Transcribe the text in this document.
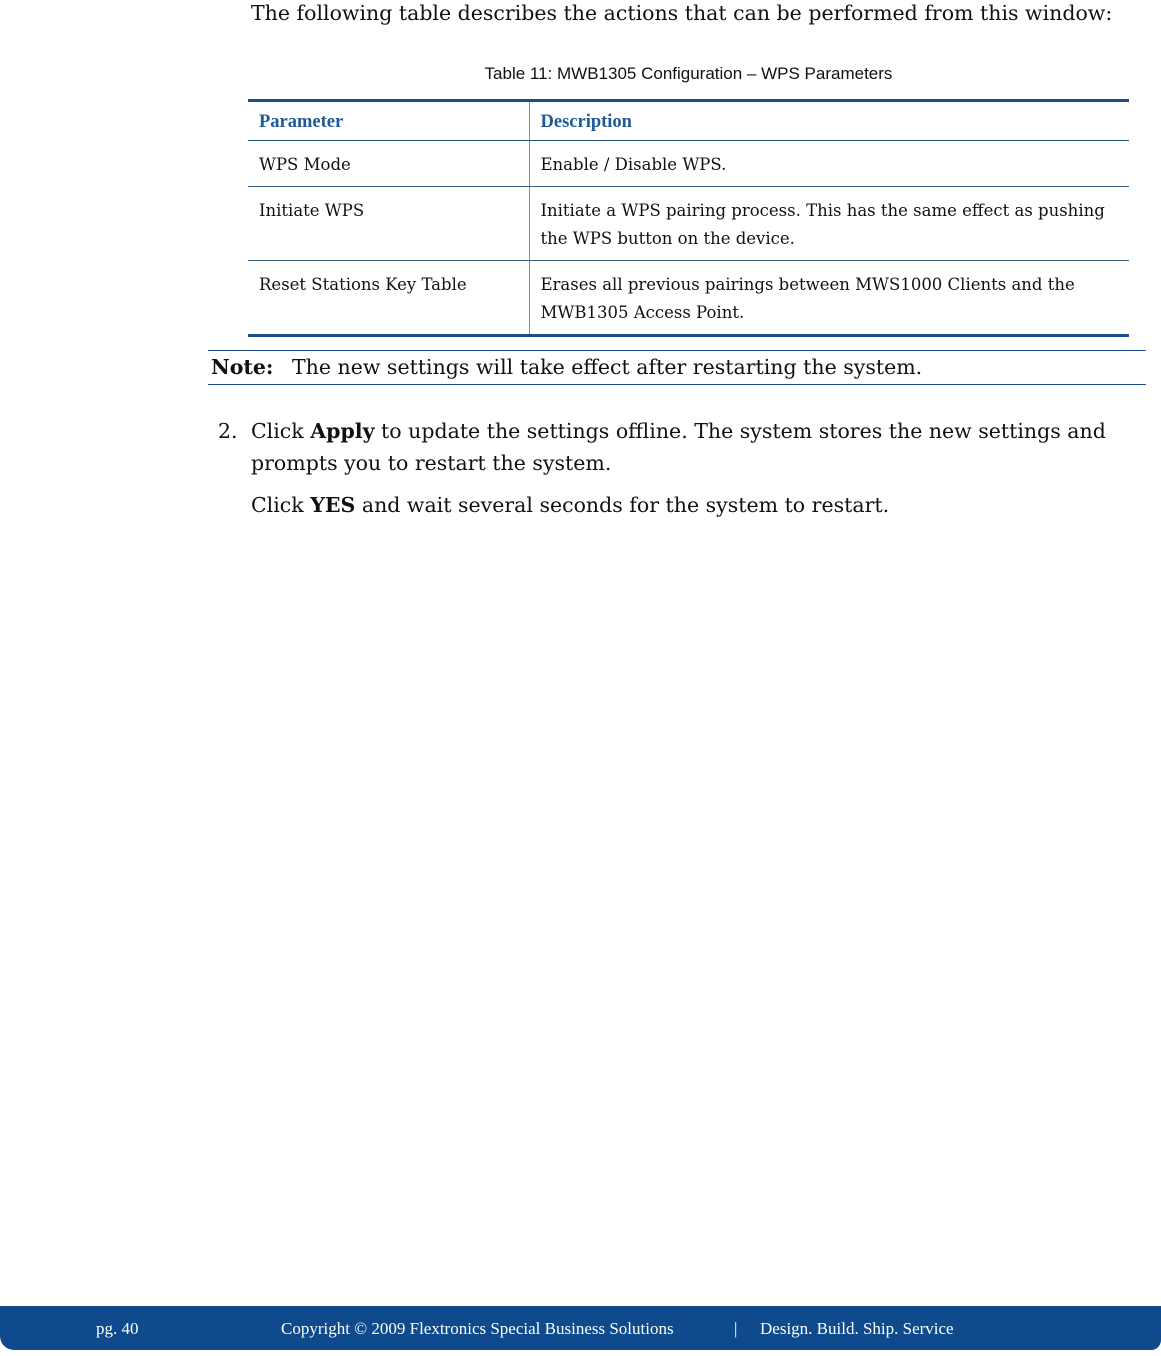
The following table describes the actions that can be performed from this window:
Table 11: MWB1305 Configuration – WPS Parameters
Parameter	Description
WPS Mode	Enable / Disable WPS.
Initiate WPS	Initiate a WPS pairing process. This has the same effect as pushing the WPS button on the device.
Reset Stations Key Table	Erases all previous pairings between MWS1000 Clients and the MWB1305 Access Point.
Note: The new settings will take effect after restarting the system.
2. Click Apply to update the settings offline. The system stores the new settings and prompts you to restart the system.

Click YES and wait several seconds for the system to restart.

pg. 40	Copyright © 2009 Flextronics Special Business Solutions	| Design. Build. Ship. Service
